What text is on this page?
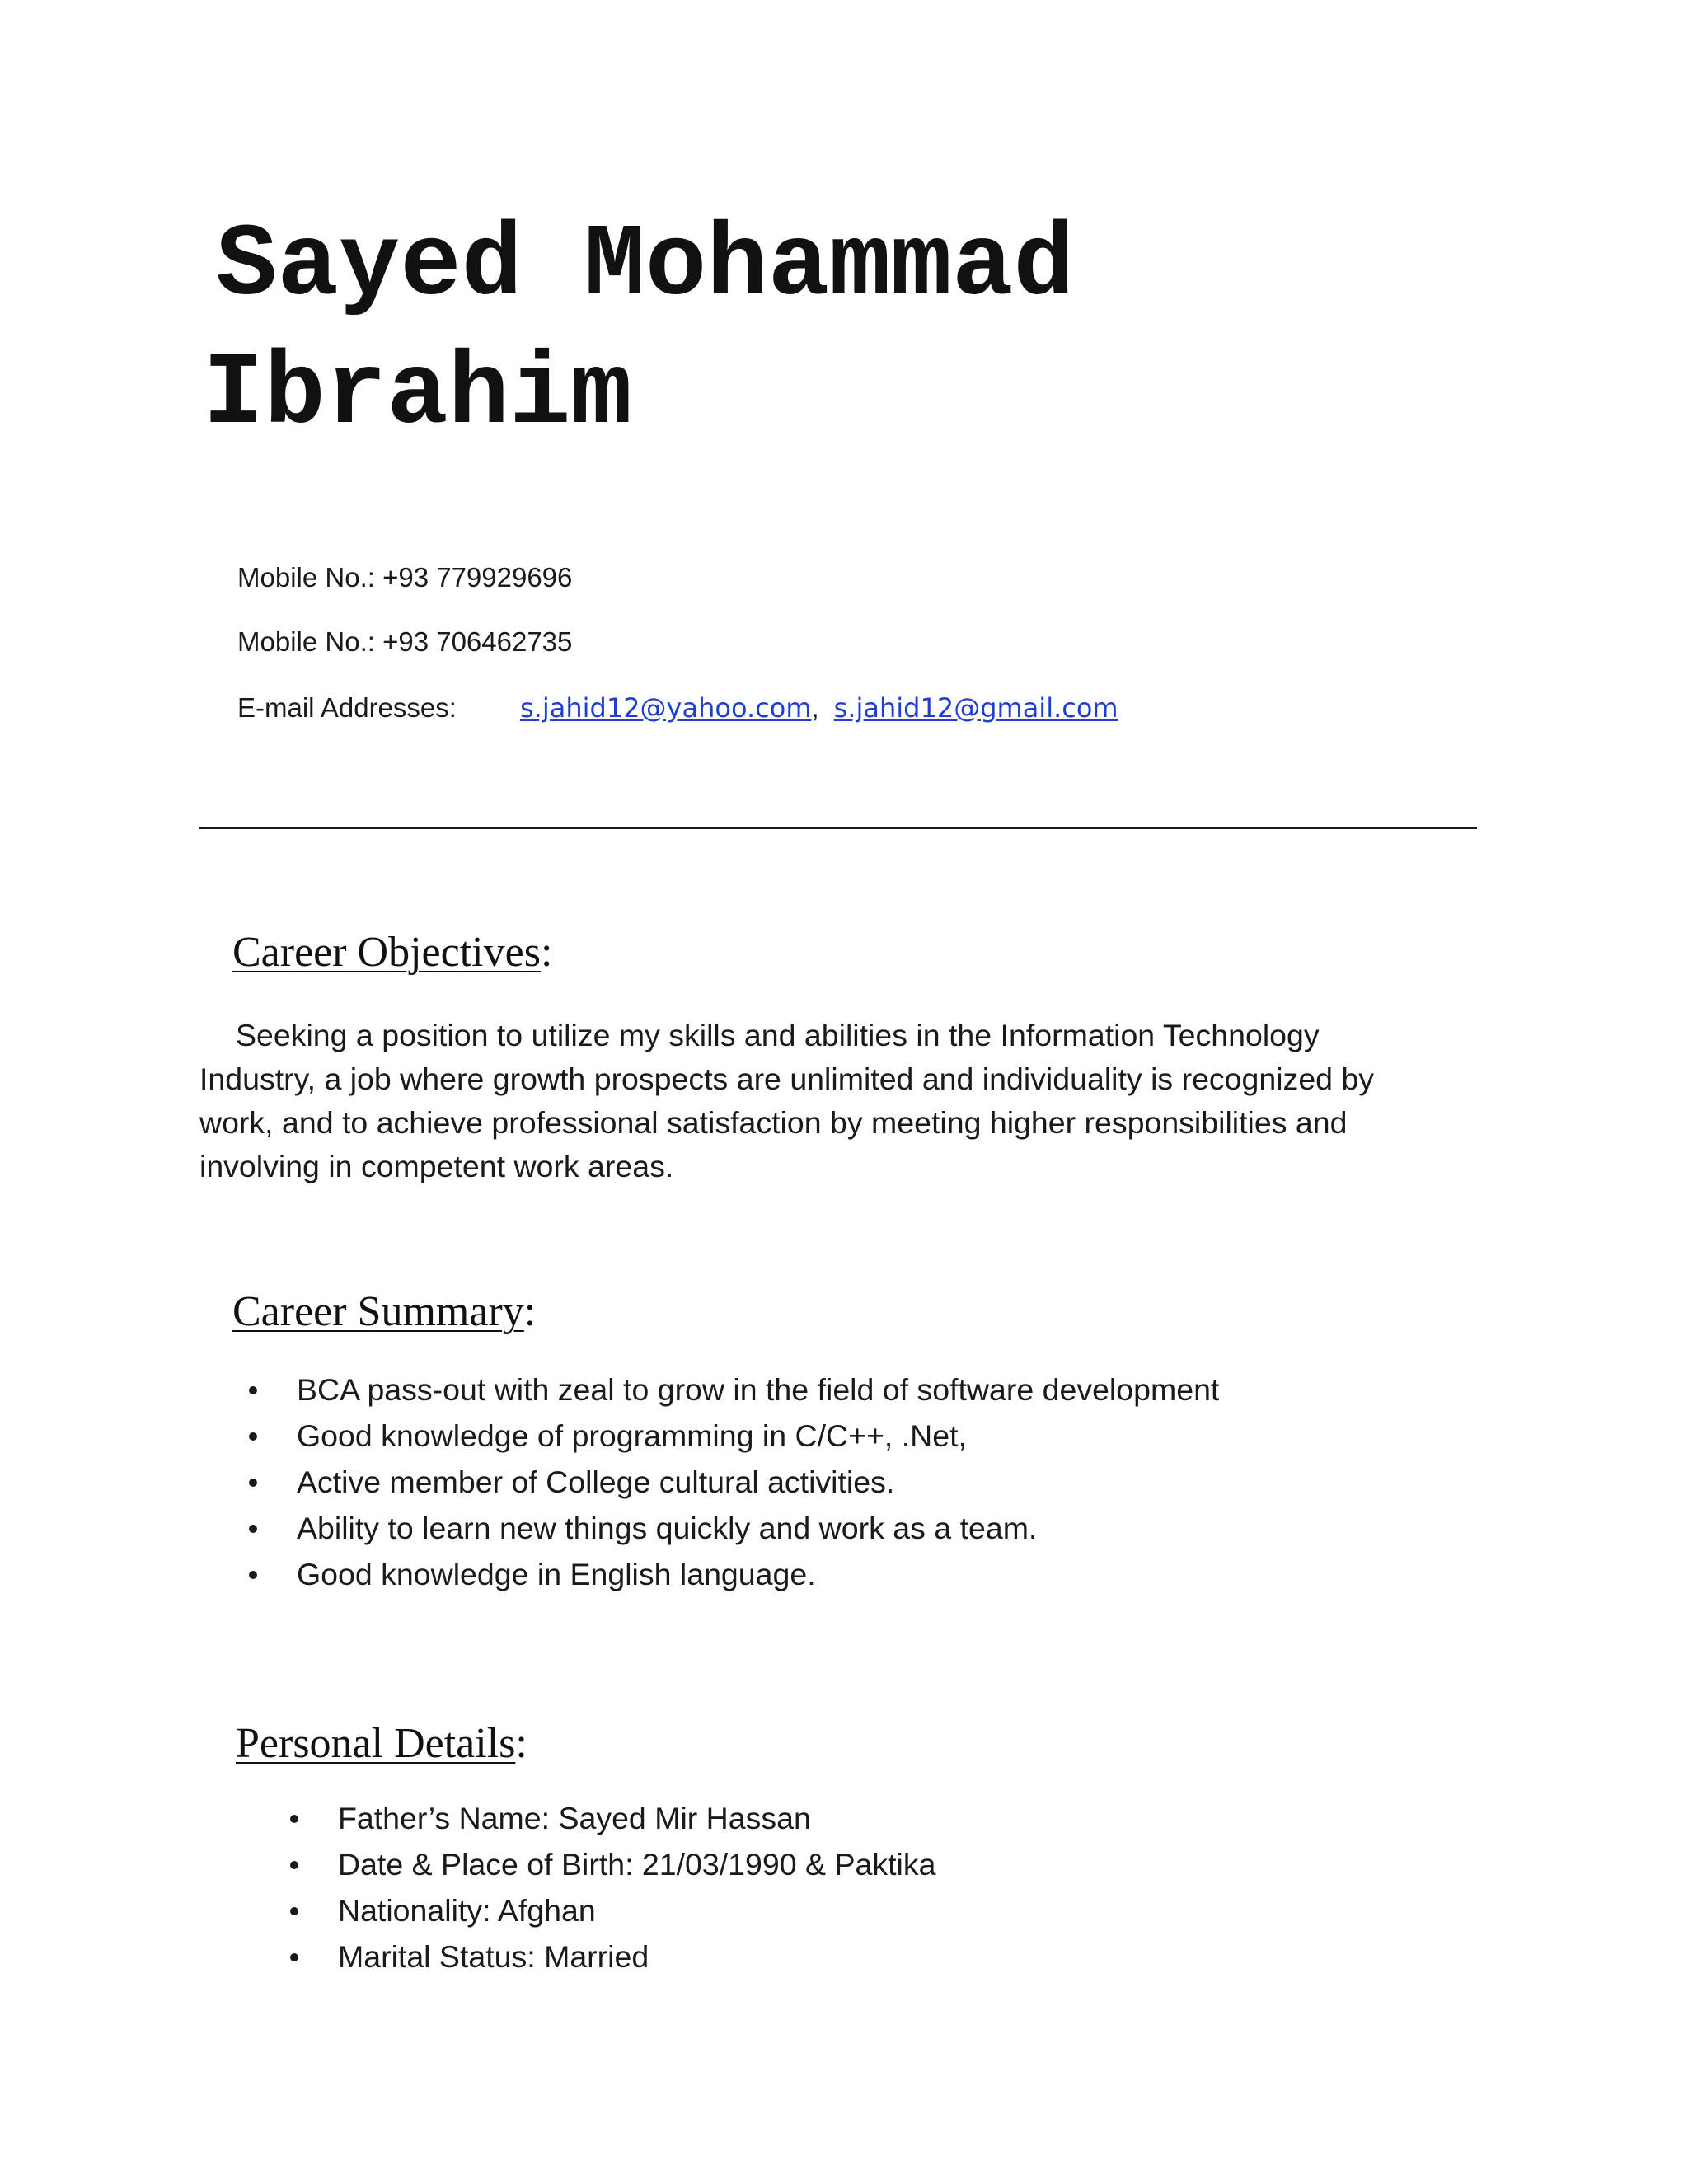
Sayed Mohammad
Ibrahim
Mobile No.: +93 779929696
Mobile No.: +93 706462735
E-mail Addresses: s.jahid12@yahoo.com, s.jahid12@gmail.com
Career Objectives:

Seeking a position to utilize my skills and abilities in the Information Technology
Industry, a job where growth prospects are unlimited and individuality is recognized by
work, and to achieve professional satisfaction by meeting higher responsibilities and
involving in competent work areas.

Career Summary:
BCA pass-out with zeal to grow in the field of software development
Good knowledge of programming in C/C++, .Net,
Active member of College cultural activities.
Ability to learn new things quickly and work as a team.
Good knowledge in English language.
Personal Details:
Father’s Name: Sayed Mir Hassan
Date & Place of Birth: 21/03/1990 & Paktika
Nationality: Afghan
Marital Status: Married
